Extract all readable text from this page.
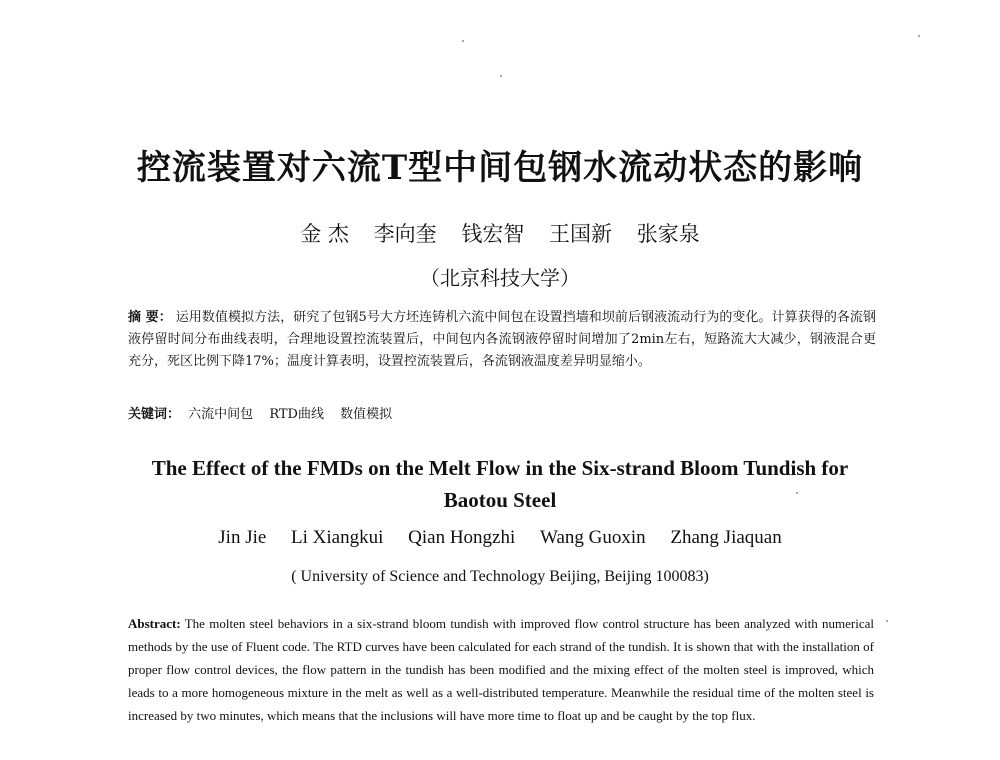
控流装置对六流T型中间包钢水流动状态的影响
金 杰 李向奎 钱宏智 王国新 张家泉
（北京科技大学）
摘 要： 运用数值模拟方法，研究了包钢5号大方坯连铸机六流中间包在设置挡墙和坝前后钢液流动行为的变化。计算获得的各流钢液停留时间分布曲线表明，合理地设置控流装置后，中间包内各流钢液停留时间增加了2min左右，短路流大大减少，钢液混合更充分，死区比例下降17%；温度计算表明，设置控流装置后，各流钢液温度差异明显缩小。
关键词： 六流中间包 RTD曲线 数值模拟
The Effect of the FMDs on the Melt Flow in the Six-strand Bloom Tundish for Baotou Steel
Jin Jie Li Xiangkui Qian Hongzhi Wang Guoxin Zhang Jiaquan
( University of Science and Technology Beijing, Beijing 100083)
Abstract: The molten steel behaviors in a six-strand bloom tundish with improved flow control structure has been analyzed with numerical methods by the use of Fluent code. The RTD curves have been calculated for each strand of the tundish. It is shown that with the installation of proper flow control devices, the flow pattern in the tundish has been modified and the mixing effect of the molten steel is improved, which leads to a more homogeneous mixture in the melt as well as a well-distributed temperature. Meanwhile the residual time of the molten steel is increased by two minutes, which means that the inclusions will have more time to float up and be caught by the top flux.
